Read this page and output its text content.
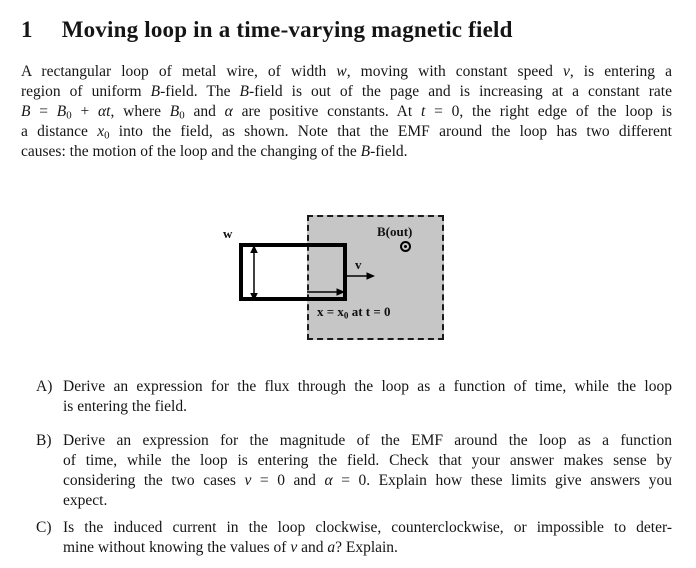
1 Moving loop in a time-varying magnetic field
A rectangular loop of metal wire, of width w, moving with constant speed v, is entering a
region of uniform B-field. The B-field is out of the page and is increasing at a constant rate
$B = B_0 + \alpha t$, where $B_0$ and α are positive constants. At t = 0, the right edge of the loop is
a distance $x_0$ into the field, as shown. Note that the EMF around the loop has two different
causes: the motion of the loop and the changing of the B-field.
w	B(out)
v
$x = x_0$ at t = 0
A) Derive an expression for the flux through the loop as a function of time, while the loop
is entering the field.
B) Derive an expression for the magnitude of the EMF around the loop as a function
of time, while the loop is entering the field. Check that your answer makes sense by
considering the two cases v = 0 and α = 0. Explain how these limits give answers you
expect.
C) Is the induced current in the loop clockwise, counterclockwise, or impossible to deter-
mine without knowing the values of v and a? Explain.
